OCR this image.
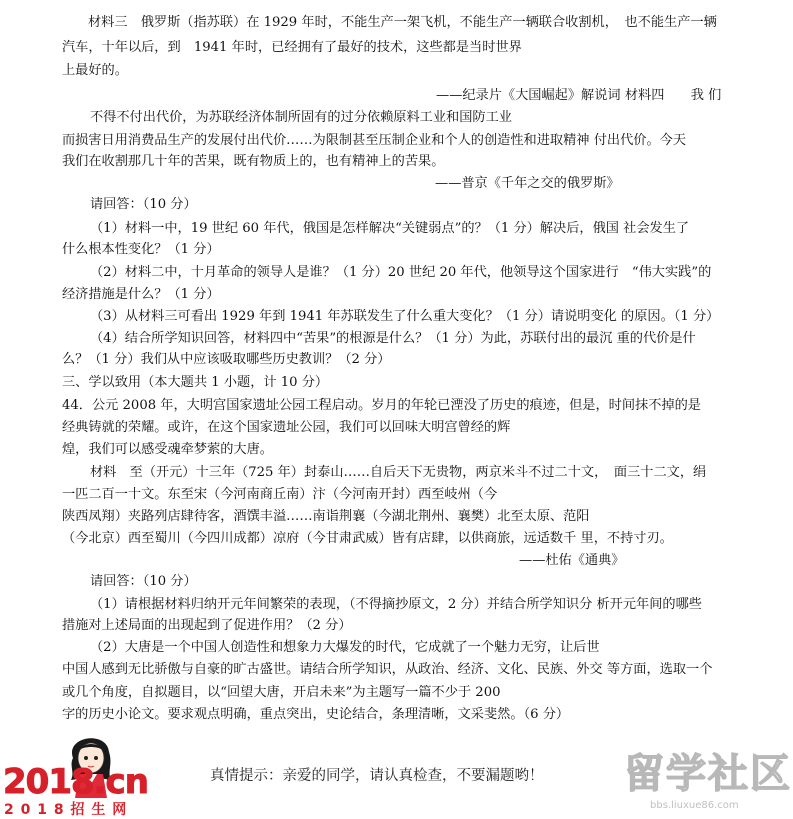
材料三　俄罗斯（指苏联）在 1929 年时，不能生产一架飞机，不能生产一辆联合收割机，　也不能生产一辆
汽车，十年以后，到　1941 年时，已经拥有了最好的技术，这些都是当时世界
上最好的。
——纪录片《大国崛起》解说词 材料四　　我 们
不得不付出代价，为苏联经济体制所固有的过分依赖原料工业和国防工业
而损害日用消费品生产的发展付出代价……为限制甚至压制企业和个人的创造性和进取精神 付出代价。今天
我们在收割那几十年的苦果，既有物质上的，也有精神上的苦果。
——普京《千年之交的俄罗斯》
请回答：（10 分）
（1）材料一中，19 世纪 60 年代，俄国是怎样解决“关键弱点”的？（1 分）解决后，俄国 社会发生了
什么根本性变化？（1 分）
（2）材料二中，十月革命的领导人是谁？（1 分）20 世纪 20 年代，他领导这个国家进行　“伟大实践”的
经济措施是什么？（1 分）
（3）从材料三可看出 1929 年到 1941 年苏联发生了什么重大变化？（1 分）请说明变化 的原因。（1 分）
（4）结合所学知识回答，材料四中“苦果”的根源是什么？（1 分）为此，苏联付出的最沉 重的代价是什
么？（1 分）我们从中应该吸取哪些历史教训？（2 分）
三、学以致用（本大题共 1 小题，计 10 分）
44．公元 2008 年，大明宫国家遗址公园工程启动。岁月的年轮已湮没了历史的痕迹，但是，时间抹不掉的是
经典铸就的荣耀。或许，在这个国家遗址公园，我们可以回味大明宫曾经的辉
煌，我们可以感受魂牵梦萦的大唐。
材料　至（开元）十三年（725 年）封泰山……自后天下无贵物，两京米斗不过二十文，　面三十二文，绢
一匹二百一十文。东至宋（今河南商丘南）汴（今河南开封）西至岐州（今
陕西凤翔）夹路列店肆待客，酒馔丰溢……南诣荆襄（今湖北荆州、襄樊）北至太原、范阳
（今北京）西至蜀川（今四川成都）凉府（今甘肃武威）皆有店肆，以供商旅，远适数千 里，不持寸刃。
——杜佑《通典》
请回答：（10 分）
（1）请根据材料归纳开元年间繁荣的表现，（不得摘抄原文，2 分）并结合所学知识分 析开元年间的哪些
措施对上述局面的出现起到了促进作用？（2 分）
（2）大唐是一个中国人创造性和想象力大爆发的时代，它成就了一个魅力无穷，让后世
中国人感到无比骄傲与自豪的旷古盛世。请结合所学知识，从政治、经济、文化、民族、外交 等方面，选取一个
或几个角度，自拟题目，以“回望大唐，开启未来”为主题写一篇不少于 200
字的历史小论文。要求观点明确，重点突出，史论结合，条理清晰，文采斐然。（6 分）
2018.cn
2 0 1 8 招 生 网
真情提示：亲爱的同学，请认真检查，不要漏题哟！ 留学社区
bbs.liuxue86.com
